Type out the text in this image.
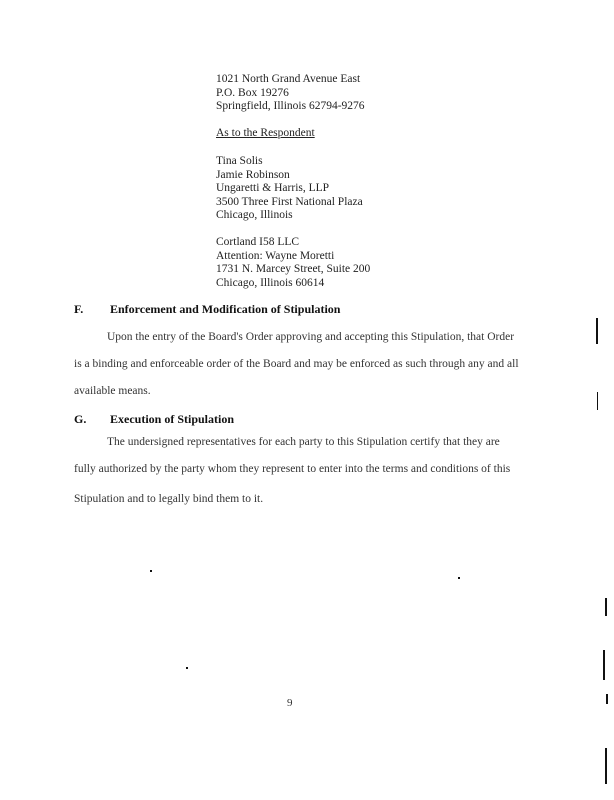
1021 North Grand Avenue East
P.O. Box 19276
Springfield, Illinois 62794-9276
As to the Respondent
Tina Solis
Jamie Robinson
Ungaretti & Harris, LLP
3500 Three First National Plaza
Chicago, Illinois
Cortland I58 LLC
Attention: Wayne Moretti
1731 N. Marcey Street, Suite 200
Chicago, Illinois 60614
F. Enforcement and Modification of Stipulation
Upon the entry of the Board's Order approving and accepting this Stipulation, that Order
is a binding and enforceable order of the Board and may be enforced as such through any and all
available means.
G. Execution of Stipulation
The undersigned representatives for each party to this Stipulation certify that they are
fully authorized by the party whom they represent to enter into the terms and conditions of this
Stipulation and to legally bind them to it.
9
